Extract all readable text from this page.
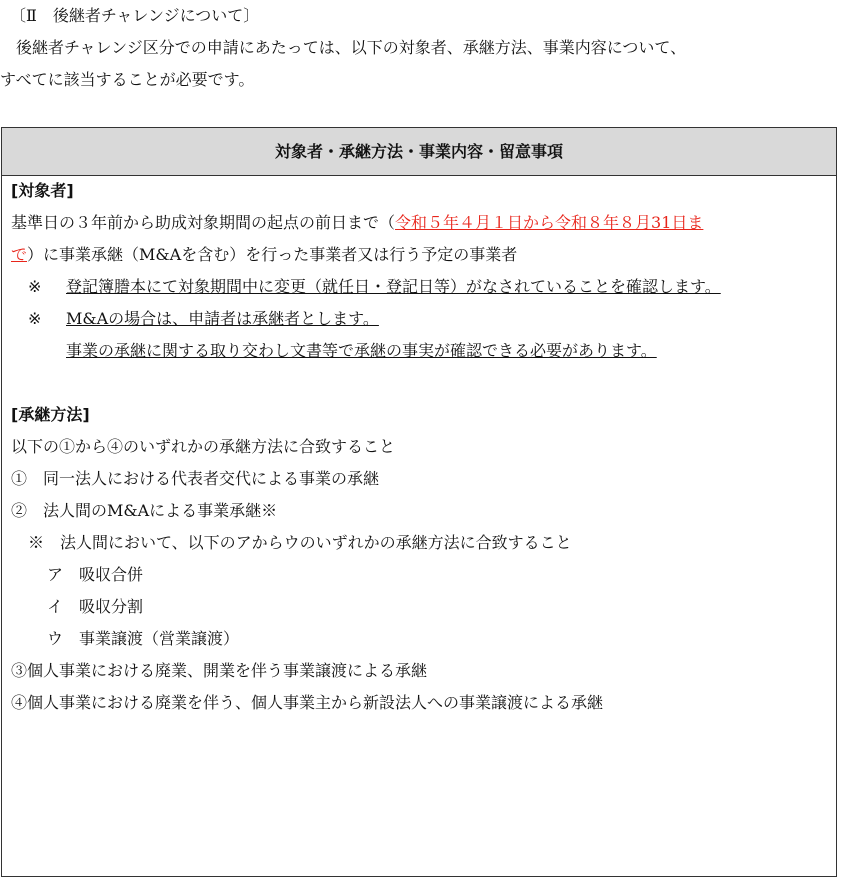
〔Ⅱ　後継者チャレンジについて〕
　後継者チャレンジ区分での申請にあたっては、以下の対象者、承継方法、事業内容について、
すべてに該当することが必要です。
対象者・承継方法・事業内容・留意事項
[対象者]
基準日の３年前から助成対象期間の起点の前日まで（令和５年４月１日から令和８年８月31日ま
で）に事業承継（M&Aを含む）を行った事業者又は行う予定の事業者
※ 登記簿謄本にて対象期間中に変更（就任日・登記日等）がなされていることを確認します。
※ M&Aの場合は、申請者は承継者とします。
事業の承継に関する取り交わし文書等で承継の事実が確認できる必要があります。
[承継方法]
以下の①から④のいずれかの承継方法に合致すること
①　同一法人における代表者交代による事業の承継
②　法人間のM&Aによる事業承継※
※　法人間において、以下のアからウのいずれかの承継方法に合致すること
ア　吸収合併
イ　吸収分割
ウ　事業譲渡（営業譲渡）
③個人事業における廃業、開業を伴う事業譲渡による承継
④個人事業における廃業を伴う、個人事業主から新設法人への事業譲渡による承継
